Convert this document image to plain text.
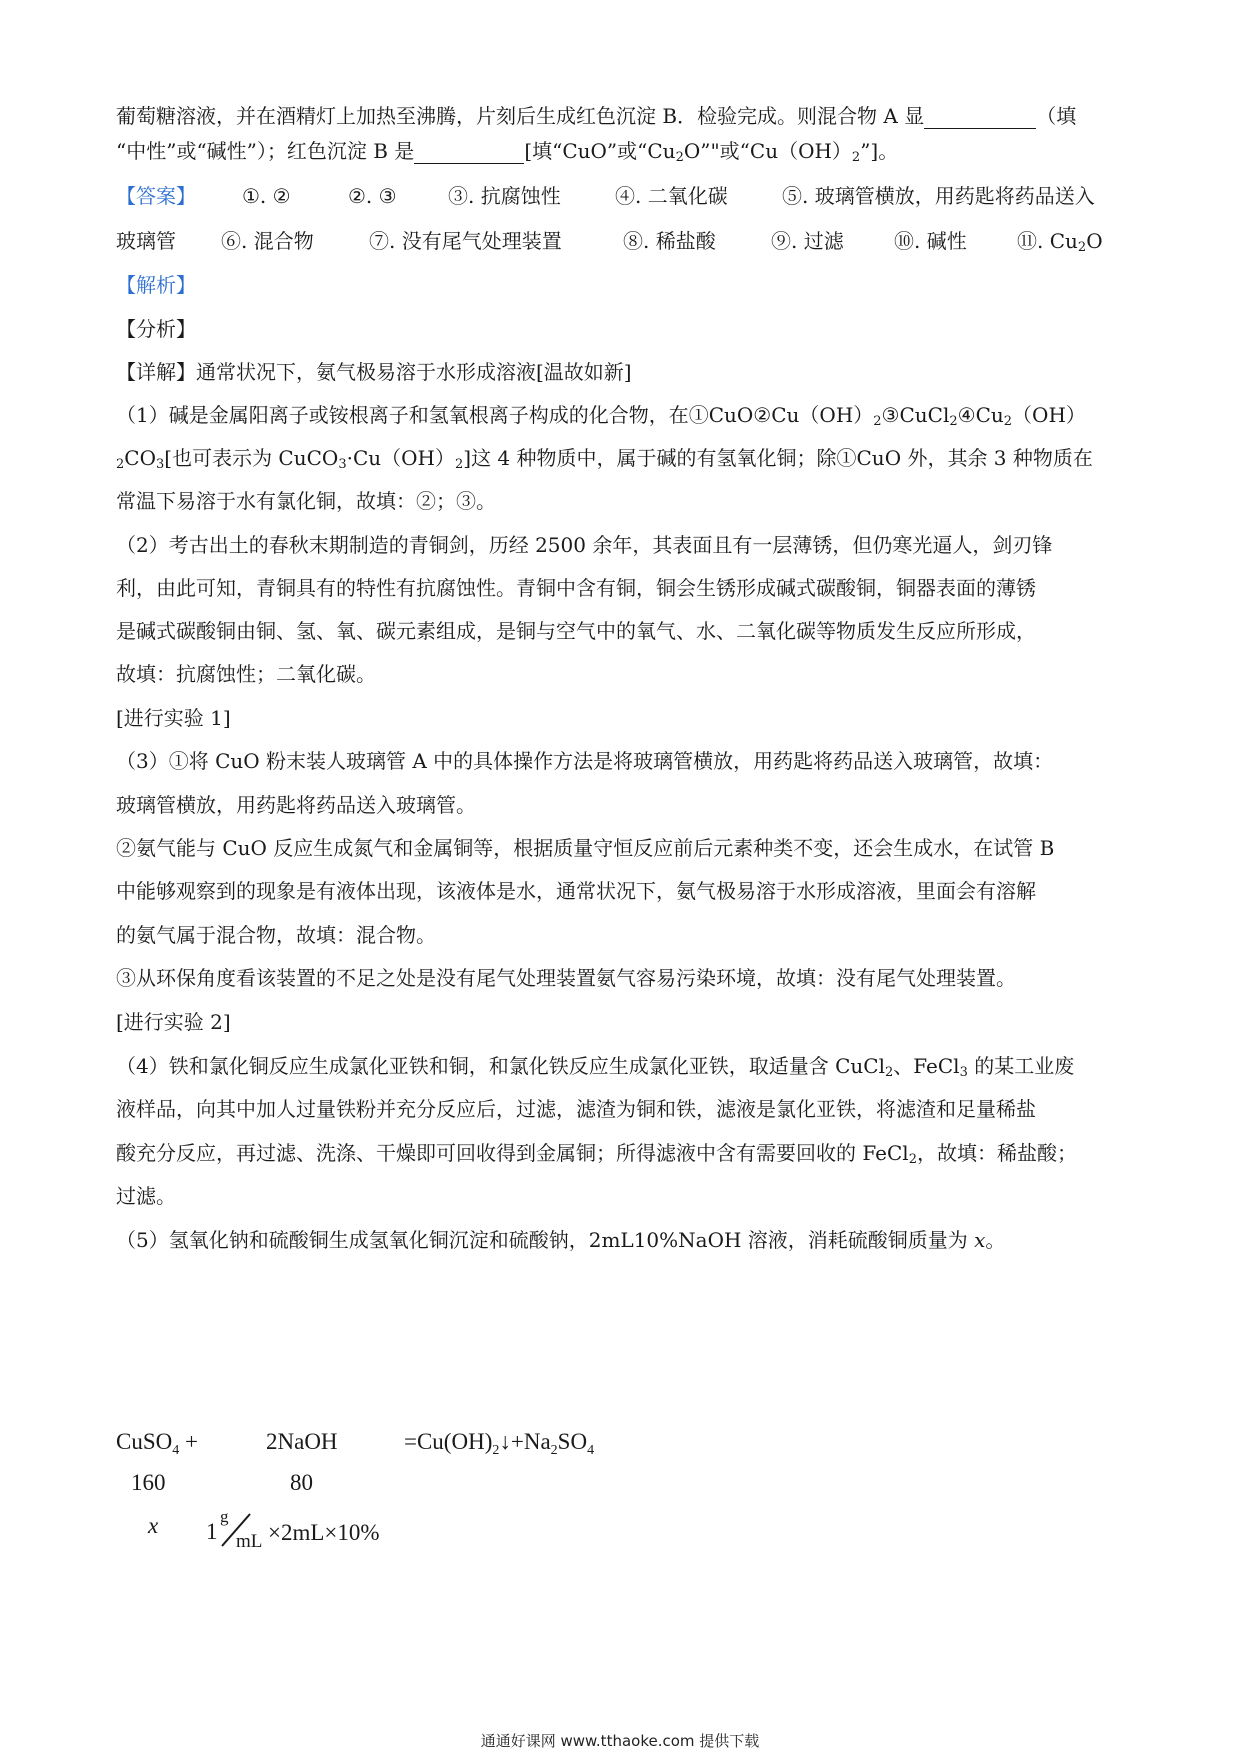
葡萄糖溶液，并在酒精灯上加热至沸腾，片刻后生成红色沉淀 B．检验完成。则混合物 A 显	（填
“中性”或“碱性”）；红色沉淀 B 是	[填“CuO”或“$Cu_2O$”"或“$Cu(OH)_2$”]。
【答案】 ①. ②	②. ③	③. 抗腐蚀性	④. 二氧化碳	⑤. 玻璃管横放，用药匙将药品送入
玻璃管 ⑥. 混合物	⑦. 没有尾气处理装置	⑧. 稀盐酸	⑨. 过滤	⑩. 碱性	⑪. $Cu_2O$
【解析】
【分析】
【详解】通常状况下，氨气极易溶于水形成溶液[温故如新]
（1）碱是金属阳离子或铵根离子和氢氧根离子构成的化合物，在$①CuO②Cu(OH)_2③CuCl_2④Cu_2(OH)$
$_2CO_3$[也可表示为 $CuCO_3\cdot Cu(OH)_2$]这 4 种物质中，属于碱的有氢氧化铜；除①CuO 外，其余 3 种物质在
常温下易溶于水有氯化铜，故填：②；③。
（2）考古出土的春秋末期制造的青铜剑，历经 2500 余年，其表面且有一层薄锈，但仍寒光逼人，剑刃锋
利，由此可知，青铜具有的特性有抗腐蚀性。青铜中含有铜，铜会生锈形成碱式碳酸铜，铜器表面的薄锈
是碱式碳酸铜由铜、氢、氧、碳元素组成，是铜与空气中的氧气、水、二氧化碳等物质发生反应所形成，
故填：抗腐蚀性；二氧化碳。
[进行实验 1]
（3）①将 CuO 粉末装人玻璃管 A 中的具体操作方法是将玻璃管横放，用药匙将药品送入玻璃管，故填：
玻璃管横放，用药匙将药品送入玻璃管。
②氨气能与 CuO 反应生成氮气和金属铜等，根据质量守恒反应前后元素种类不变，还会生成水，在试管 B
中能够观察到的现象是有液体出现，该液体是水，通常状况下，氨气极易溶于水形成溶液，里面会有溶解
的氨气属于混合物，故填：混合物。
③从环保角度看该装置的不足之处是没有尾气处理装置氨气容易污染环境，故填：没有尾气处理装置。
[进行实验 2]
（4）铁和氯化铜反应生成氯化亚铁和铜，和氯化铁反应生成氯化亚铁，取适量含 CuCl$_2$、FeCl$_3$ 的某工业废
液样品，向其中加人过量铁粉并充分反应后，过滤，滤渣为铜和铁，滤液是氯化亚铁，将滤渣和足量稀盐
酸充分反应，再过滤、洗涤、干燥即可回收得到金属铜；所得滤液中含有需要回收的 FeCl$_2$，故填：稀盐酸；
过滤。
（5）氢氧化钠和硫酸铜生成氢氧化铜沉淀和硫酸钠，2mL10%NaOH 溶液，消耗硫酸铜质量为 x。
CuSO$_4$ +	2NaOH	$=Cu(OH)_2↓+Na_2SO_4$
160	80
x 1
g
mL ×2mL×10%
通通好课网 www.tthaoke.com 提供下载
